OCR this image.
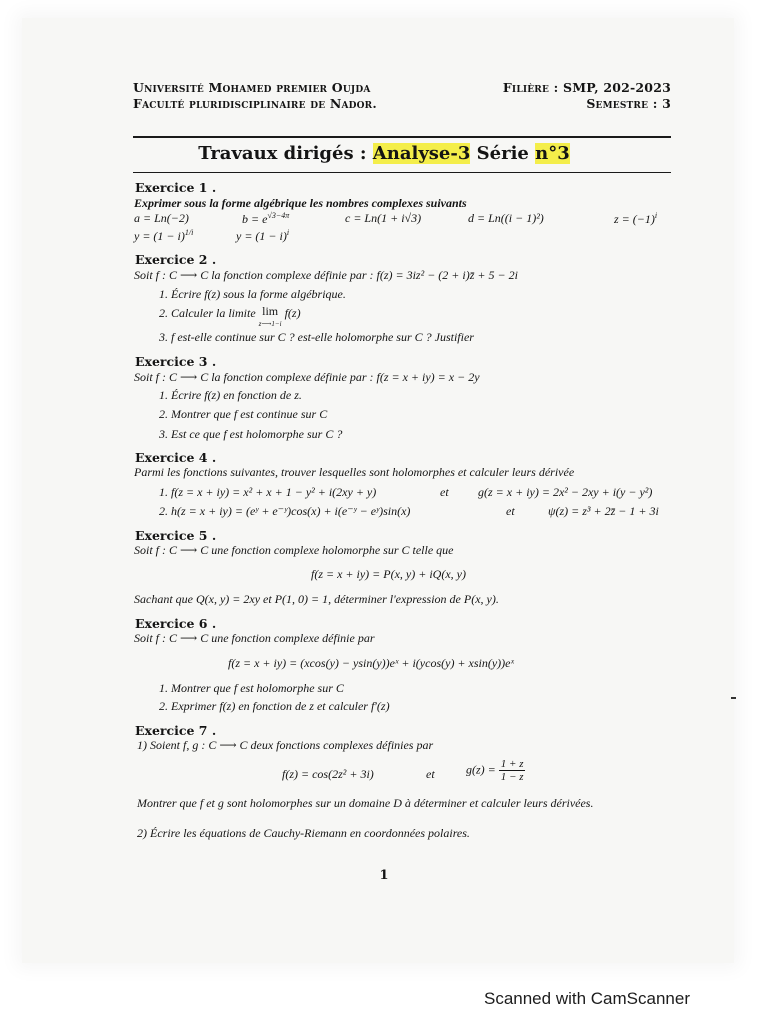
Université Mohamed premier Oujda
Faculté pluridisciplinaire de Nador.
Filière : SMP, 202-2023
Semestre : 3
Travaux dirigés : Analyse-3 Série n°3
Exercice 1 .
Exprimer sous la forme algébrique les nombres complexes suivants
a = Ln(−2)	$b = e^{√3-4\pi}$	c = Ln(1 + i√3)	d = Ln((i − 1)²)	$z = (-1)^i$
$y = (1 - i)^{1/i}$	$y = (1 - i)^i$
Exercice 2 .
Soit f : C ⟶ C la fonction complexe définie par : f(z) = 3iz² − (2 + i)z̄ + 5 − 2i
1. Écrire f(z) sous la forme algébrique.
2. Calculer la limite lim
z⟶1−i f(z)
3. f est-elle continue sur C ? est-elle holomorphe sur C ? Justifier
Exercice 3 .
Soit f : C ⟶ C la fonction complexe définie par : f(z = x + iy) = x − 2y
1. Écrire f(z) en fonction de z.
2. Montrer que f est continue sur C
3. Est ce que f est holomorphe sur C ?
Exercice 4 .
Parmi les fonctions suivantes, trouver lesquelles sont holomorphes et calculer leurs dérivée
1. f(z = x + iy) = x² + x + 1 − y² + i(2xy + y)	et g(z = x + iy) = 2x² − 2xy + i(y − y²)
2. h(z = x + iy) = (eʸ + e⁻ʸ)cos(x) + i(e⁻ʸ − eʸ)sin(x)	et	ψ(z) = z³ + 2z̄ − 1 + 3i
Exercice 5 .
Soit f : C ⟶ C une fonction complexe holomorphe sur C telle que
f(z = x + iy) = P(x, y) + iQ(x, y)
Sachant que Q(x, y) = 2xy et P(1, 0) = 1, déterminer l'expression de P(x, y).
Exercice 6 .
Soit f : C ⟶ C une fonction complexe définie par
f(z = x + iy) = (xcos(y) − ysin(y))eˣ + i(ycos(y) + xsin(y))eˣ
1. Montrer que f est holomorphe sur C
2. Exprimer f(z) en fonction de z et calculer f′(z)
Exercice 7 .
1) Soient f, g : C ⟶ C deux fonctions complexes définies par
f(z) = cos(2z² + 3i)	et	$g(z) = \frac{1 + z}{1 - z}$
Montrer que f et g sont holomorphes sur un domaine D à déterminer et calculer leurs dérivées.
2) Écrire les équations de Cauchy-Riemann en coordonnées polaires.
1
Scanned with CamScanner
